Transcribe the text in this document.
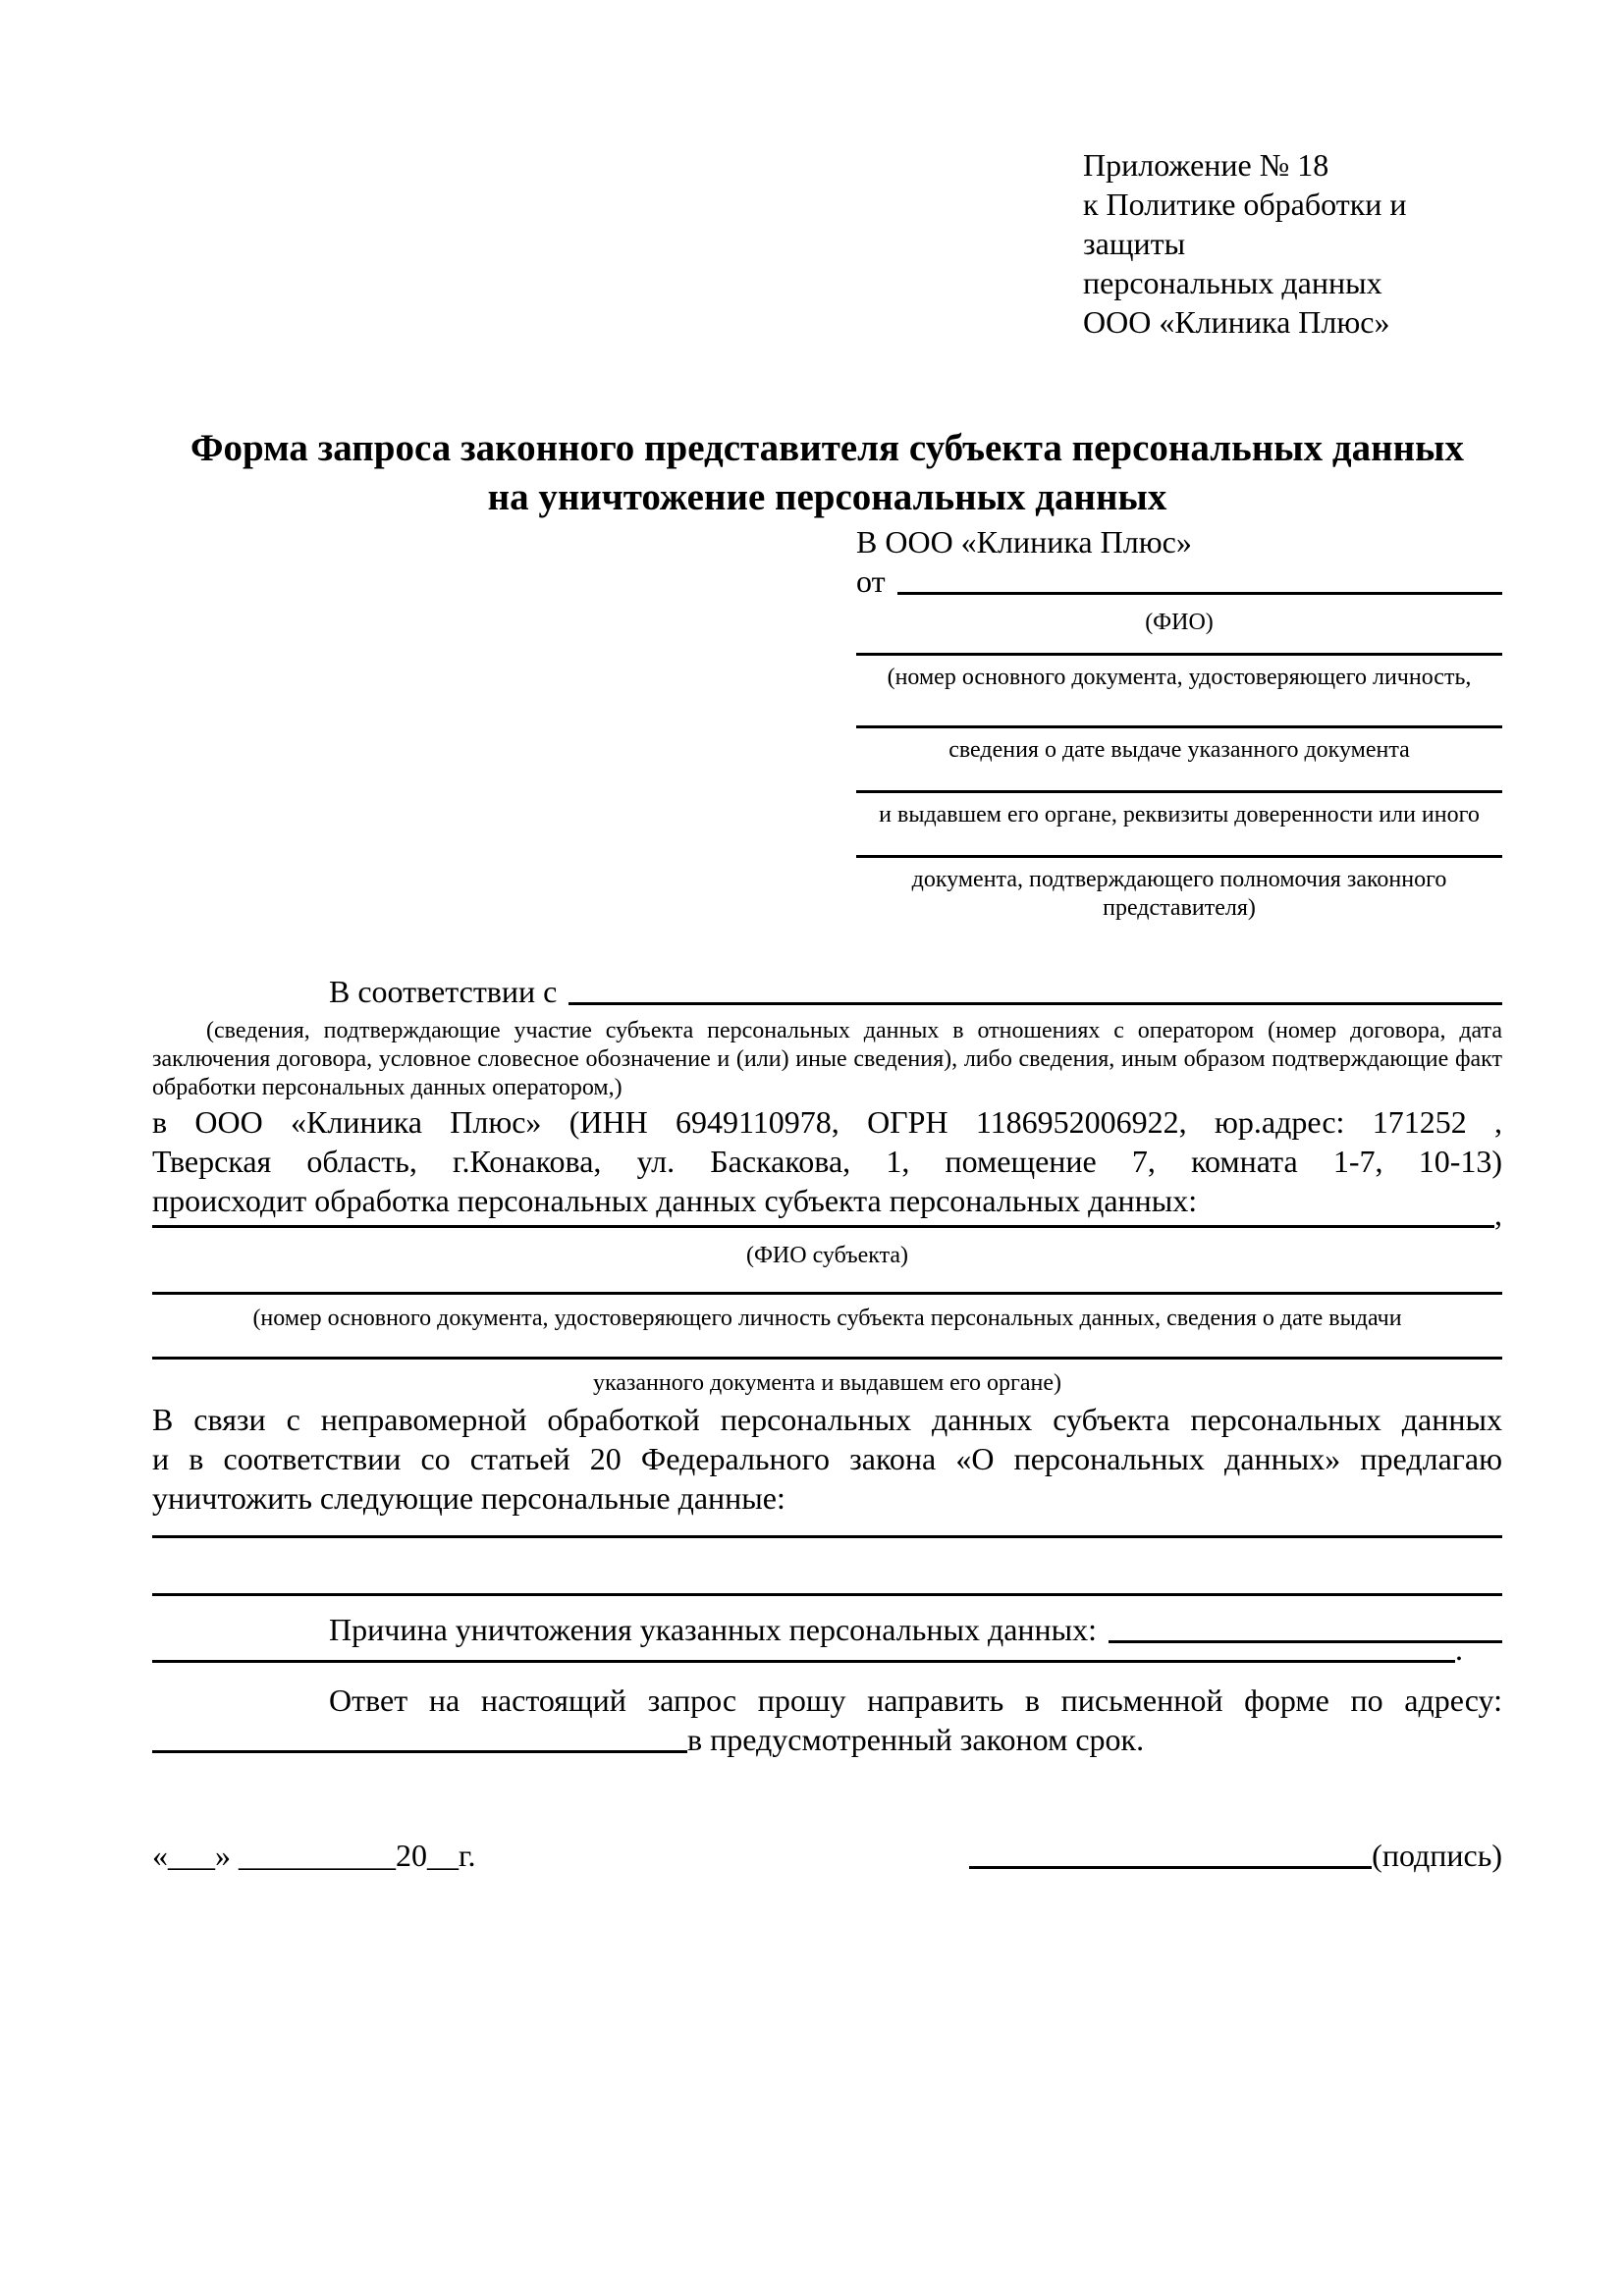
Приложение № 18
к Политике обработки и защиты
персональных данных
ООО «Клиника Плюс»
Форма запроса законного представителя субъекта персональных данных
на уничтожение персональных данных
В ООО «Клиника Плюс»
от
(ФИО)
(номер основного документа, удостоверяющего личность,
сведения о дате выдаче указанного документа
и выдавшем его органе, реквизиты доверенности или иного
документа, подтверждающего полномочия законного представителя)
В соответствии с
(сведения, подтверждающие участие субъекта персональных данных в отношениях с оператором (номер договора, дата
заключения договора, условное словесное обозначение и (или) иные сведения), либо сведения, иным образом подтверждающие факт
обработки персональных данных оператором,)
в ООО «Клиника Плюс» (ИНН 6949110978, ОГРН 1186952006922, юр.адрес: 171252 ,
Тверская область, г.Конакова, ул. Баскакова, 1, помещение 7, комната 1-7, 10-13)
происходит обработка персональных данных субъекта персональных данных:	,
(ФИО субъекта)
(номер основного документа, удостоверяющего личность субъекта персональных данных, сведения о дате выдачи
указанного документа и выдавшем его органе)
В связи с неправомерной обработкой персональных данных субъекта персональных данных
и в соответствии со статьей 20 Федерального закона «О персональных данных» предлагаю
уничтожить следующие персональные данные:
Причина уничтожения указанных персональных данных:
.
Ответ на настоящий запрос прошу направить в письменной форме по адресу:
в предусмотренный законом срок.
«___» __________20__г.	(подпись)
